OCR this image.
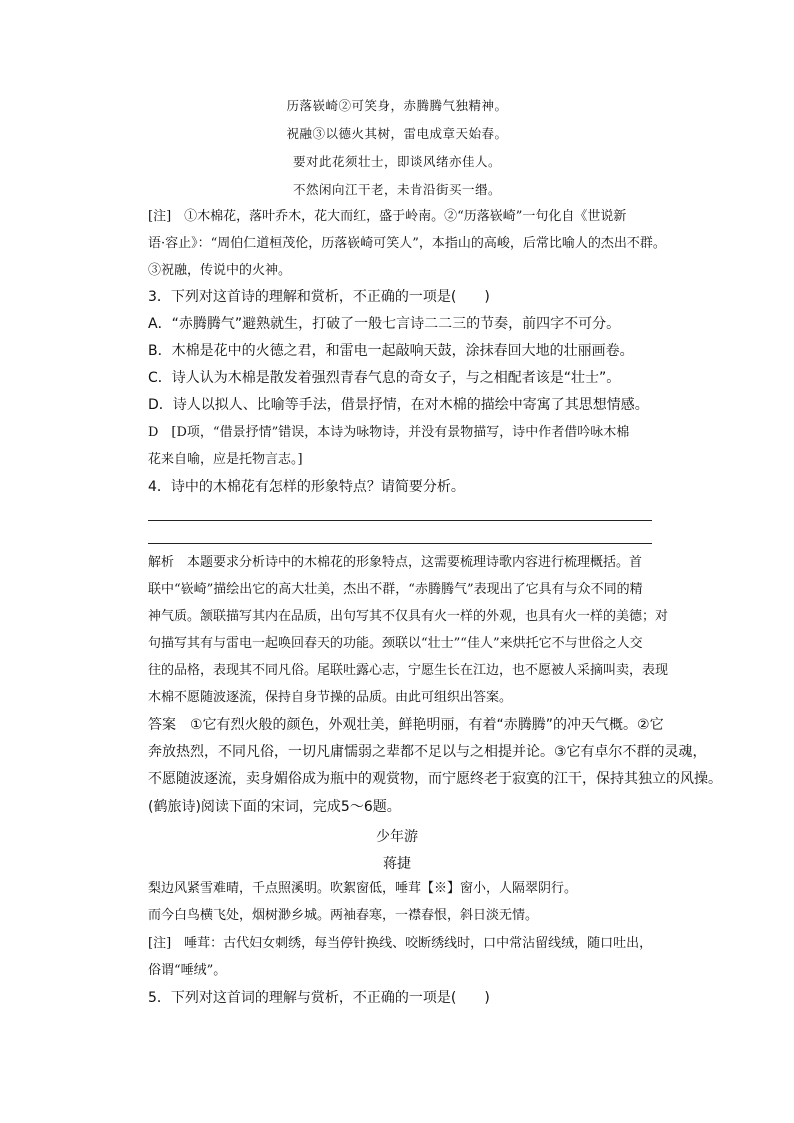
历落嵚崎②可笑身，赤腾腾气独精神。
祝融③以德火其树，雷电成章天始春。
要对此花须壮士，即谈风绪亦佳人。
不然闲向江干老，未肯沿街买一缗。
[注]　①木棉花，落叶乔木，花大而红，盛于岭南。②“历落嵚崎”一句化自《世说新
语·容止》：“周伯仁道桓茂伦，历落嵚崎可笑人”，本指山的高峻，后常比喻人的杰出不群。
③祝融，传说中的火神。
3．下列对这首诗的理解和赏析，不正确的一项是(　　)
A．“赤腾腾气”避熟就生，打破了一般七言诗二二三的节奏，前四字不可分。
B．木棉是花中的火德之君，和雷电一起敲响天鼓，涂抹春回大地的壮丽画卷。
C．诗人认为木棉是散发着强烈青春气息的奇女子，与之相配者该是“壮士”。
D．诗人以拟人、比喻等手法，借景抒情，在对木棉的描绘中寄寓了其思想情感。
D　[D项，“借景抒情”错误，本诗为咏物诗，并没有景物描写，诗中作者借吟咏木棉
花来自喻，应是托物言志。]
4．诗中的木棉花有怎样的形象特点？请简要分析。
解析　本题要求分析诗中的木棉花的形象特点，这需要梳理诗歌内容进行梳理概括。首
联中“嵚崎”描绘出它的高大壮美，杰出不群，“赤腾腾气”表现出了它具有与众不同的精
神气质。颔联描写其内在品质，出句写其不仅具有火一样的外观，也具有火一样的美德；对
句描写其有与雷电一起唤回春天的功能。颈联以“壮士”“佳人”来烘托它不与世俗之人交
往的品格，表现其不同凡俗。尾联吐露心志，宁愿生长在江边，也不愿被人采摘叫卖，表现
木棉不愿随波逐流，保持自身节操的品质。由此可组织出答案。
答案　①它有烈火般的颜色，外观壮美，鲜艳明丽，有着“赤腾腾”的冲天气概。②它
奔放热烈，不同凡俗，一切凡庸懦弱之辈都不足以与之相提并论。③它有卓尔不群的灵魂，
不愿随波逐流，卖身媚俗成为瓶中的观赏物，而宁愿终老于寂寞的江干，保持其独立的风操。
(鹤旅诗)阅读下面的宋词，完成5～6题。
少年游
蒋捷
梨边风紧雪难晴，千点照溪明。吹絮窗低，唾茸【※】窗小，人隔翠阴行。
而今白鸟横飞处，烟树渺乡城。两袖春寒，一襟春恨，斜日淡无情。
[注]　唾茸：古代妇女刺绣，每当停针换线、咬断绣线时，口中常沾留线绒，随口吐出，
俗谓“唾绒”。
5．下列对这首词的理解与赏析，不正确的一项是(　　)
